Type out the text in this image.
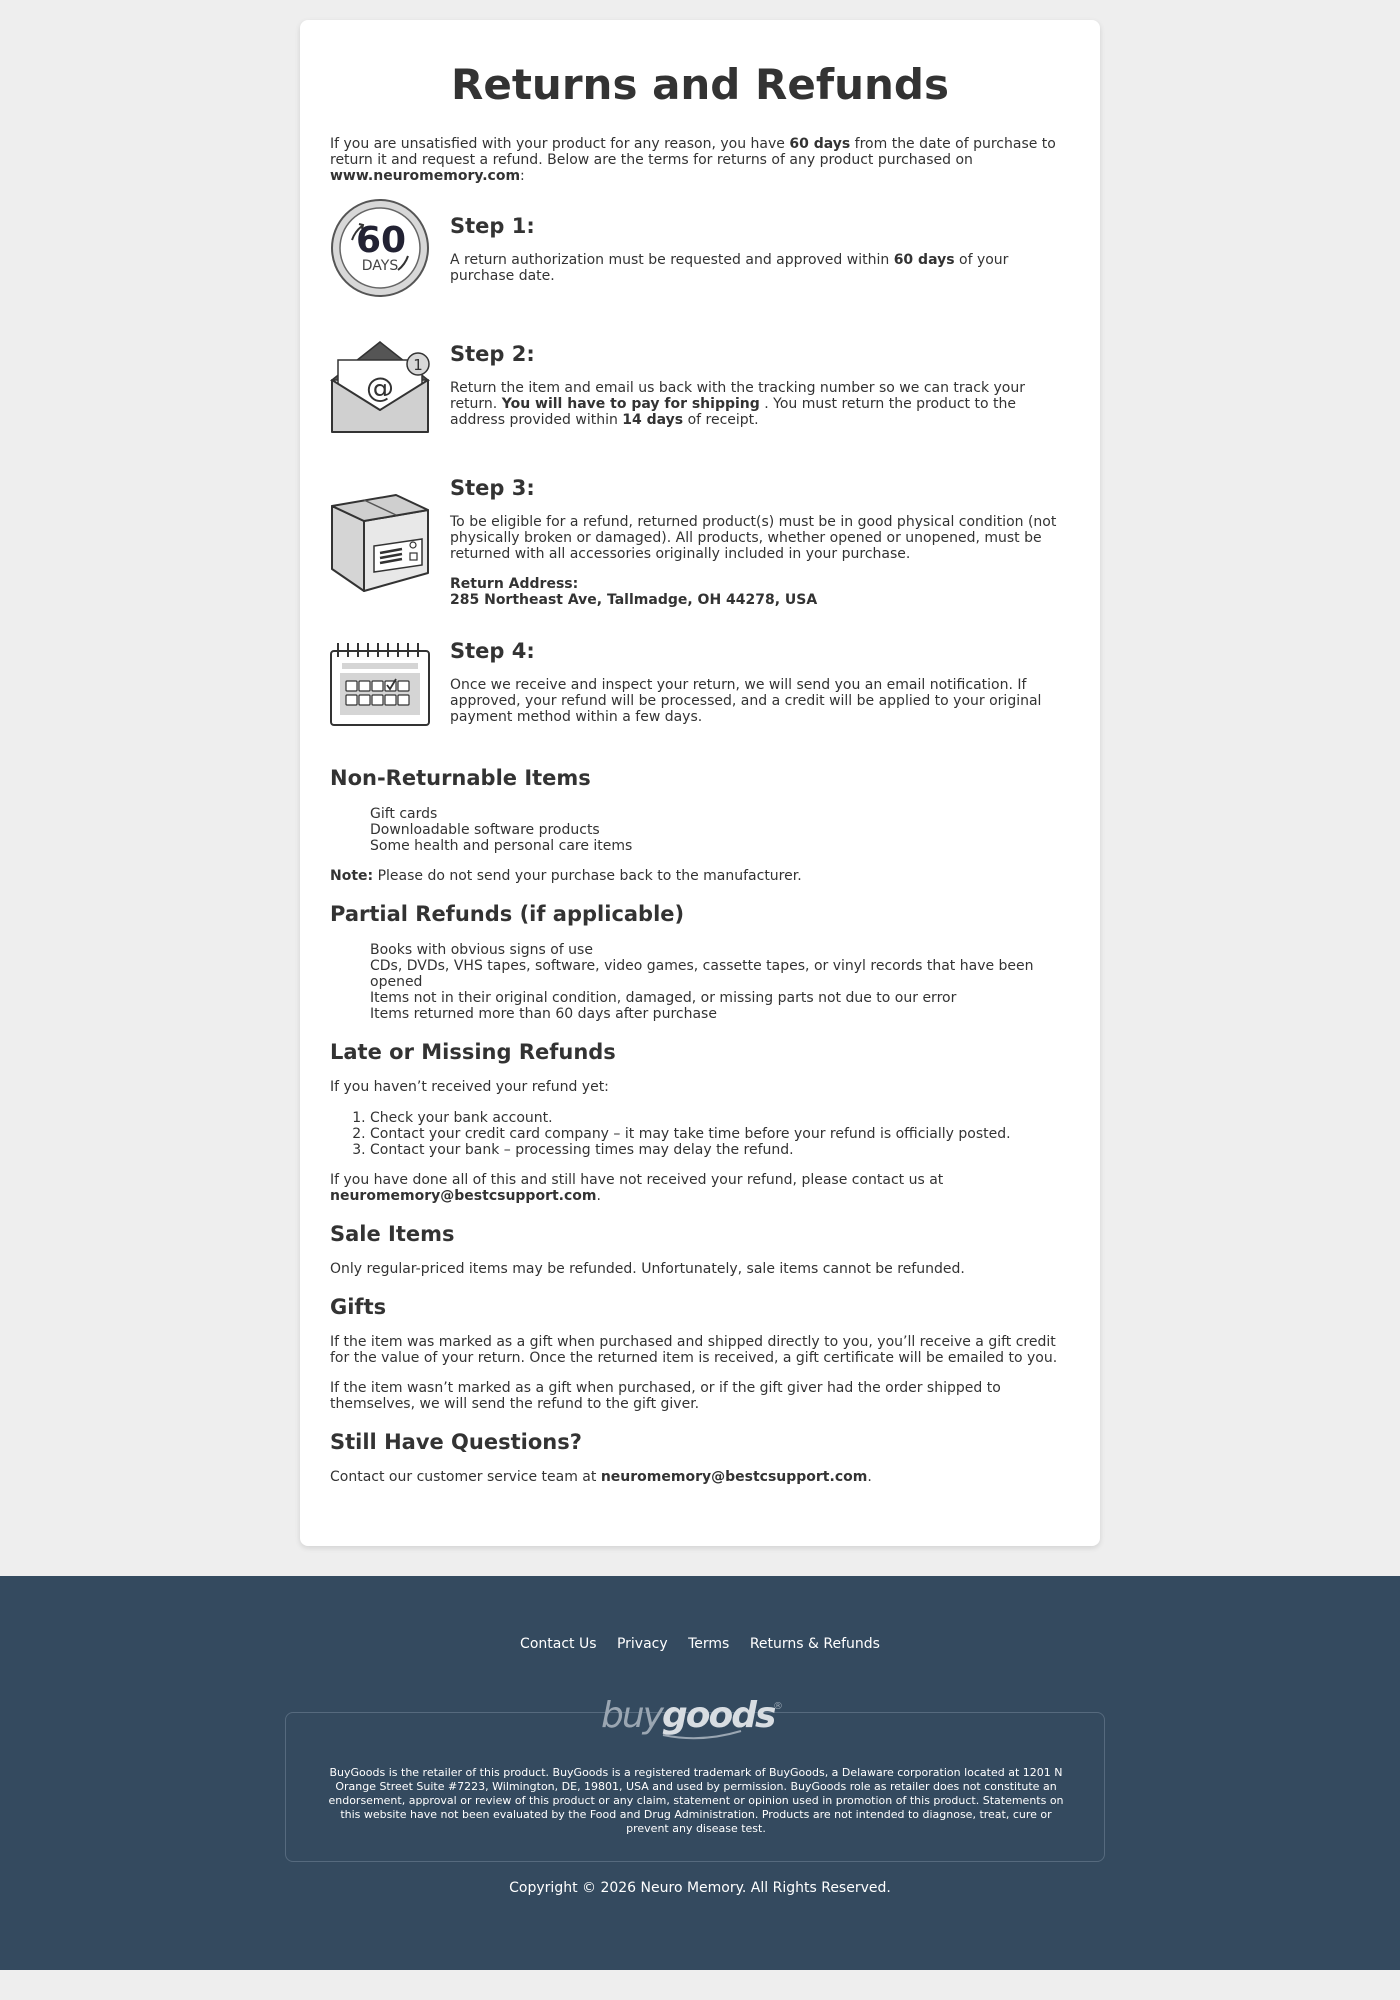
Returns and Refunds

If you are unsatisfied with your product for any reason, you have 60 days from the date of purchase to return it and request a refund. Below are the terms for returns of any product purchased on www.neuromemory.com:

60
DAYS
Step 1:

A return authorization must be requested and approved within 60 days of your purchase date.

@
1 Step 2:

Return the item and email us back with the tracking number so we can track your return. You will have to pay for shipping . You must return the product to the address provided within 14 days of receipt.

Step 3:

To be eligible for a refund, returned product(s) must be in good physical condition (not physically broken or damaged). All products, whether opened or unopened, must be returned with all accessories originally included in your purchase.

Return Address:
285 Northeast Ave, Tallmadge, OH 44278, USA

Step 4:

Once we receive and inspect your return, we will send you an email notification. If approved, your refund will be processed, and a credit will be applied to your original payment method within a few days.

Non-Returnable Items
Gift cards
Downloadable software products
Some health and personal care items

Note: Please do not send your purchase back to the manufacturer.

Partial Refunds (if applicable)
Books with obvious signs of use
CDs, DVDs, VHS tapes, software, video games, cassette tapes, or vinyl records that have been opened
Items not in their original condition, damaged, or missing parts not due to our error
Items returned more than 60 days after purchase
Late or Missing Refunds

If you haven’t received your refund yet:

1. Check your bank account.
2. Contact your credit card company – it may take time before your refund is officially posted.
3. Contact your bank – processing times may delay the refund.

If you have done all of this and still have not received your refund, please contact us at neuromemory@bestcsupport.com.

Sale Items

Only regular-priced items may be refunded. Unfortunately, sale items cannot be refunded.

Gifts

If the item was marked as a gift when purchased and shipped directly to you, you’ll receive a gift credit for the value of your return. Once the returned item is received, a gift certificate will be emailed to you.

If the item wasn’t marked as a gift when purchased, or if the gift giver had the order shipped to themselves, we will send the refund to the gift giver.

Still Have Questions?

Contact our customer service team at neuromemory@bestcsupport.com.

Contact Us Privacy Terms Returns & Refunds
buygoods
®

BuyGoods is the retailer of this product. BuyGoods is a registered trademark of BuyGoods, a Delaware corporation located at 1201 N Orange Street Suite #7223, Wilmington, DE, 19801, USA and used by permission. BuyGoods role as retailer does not constitute an endorsement, approval or review of this product or any claim, statement or opinion used in promotion of this product. Statements on this website have not been evaluated by the Food and Drug Administration. Products are not intended to diagnose, treat, cure or prevent any disease test.

Copyright © 2026 Neuro Memory. All Rights Reserved.
